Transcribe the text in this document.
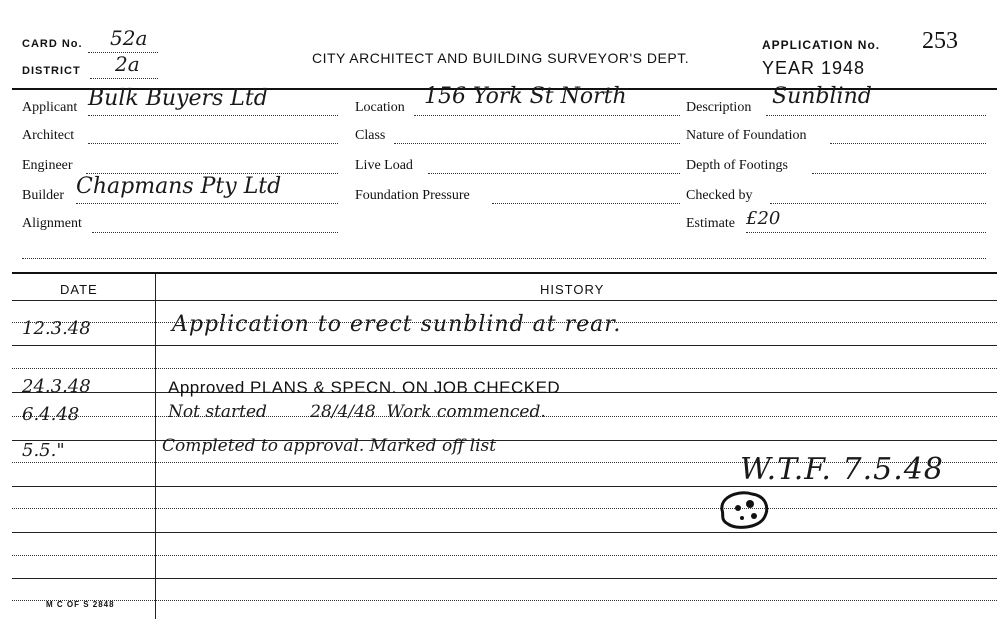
CARD No. 52a
DISTRICT 2a	CITY ARCHITECT AND BUILDING SURVEYOR'S DEPT.
APPLICATION No. 253
YEAR 1948
Applicant Bulk Buyers Ltd
Architect
Engineer
Builder Chapmans Pty Ltd
Alignment
Location 156 York St North
Class
Live Load
Foundation Pressure
Description Sunblind
Nature of Foundation
Depth of Footings
Checked by
Estimate £20
DATE	HISTORY
12.3.48	Application to erect sunblind at rear.
24.3.48	Approved PLANS & SPECN. ON JOB CHECKED
6.4.48	Not started        28/4/48  Work commenced.
5.5."	Completed to approval. Marked off list
W.T.F. 7.5.48
M C OF S 2848
